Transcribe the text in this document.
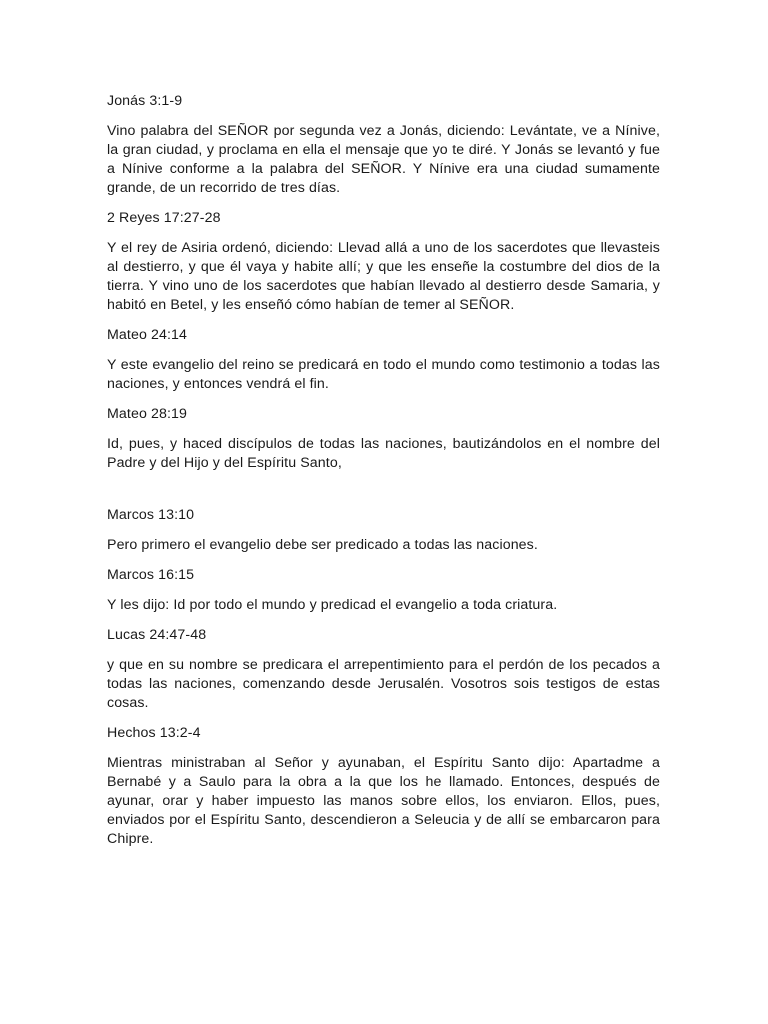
Jonás 3:1-9

Vino palabra del SEÑOR por segunda vez a Jonás, diciendo: Levántate, ve a Nínive, la gran ciudad, y proclama en ella el mensaje que yo te diré. Y Jonás se levantó y fue a Nínive conforme a la palabra del SEÑOR. Y Nínive era una ciudad sumamente grande, de un recorrido de tres días.

2 Reyes 17:27-28

Y el rey de Asiria ordenó, diciendo: Llevad allá a uno de los sacerdotes que llevasteis al destierro, y que él vaya y habite allí; y que les enseñe la costumbre del dios de la tierra. Y vino uno de los sacerdotes que habían llevado al destierro desde Samaria, y habitó en Betel, y les enseñó cómo habían de temer al SEÑOR.

Mateo 24:14

Y este evangelio del reino se predicará en todo el mundo como testimonio a todas las naciones, y entonces vendrá el fin.

Mateo 28:19

Id, pues, y haced discípulos de todas las naciones, bautizándolos en el nombre del Padre y del Hijo y del Espíritu Santo,

Marcos 13:10

Pero primero el evangelio debe ser predicado a todas las naciones.

Marcos 16:15

Y les dijo: Id por todo el mundo y predicad el evangelio a toda criatura.

Lucas 24:47-48

y que en su nombre se predicara el arrepentimiento para el perdón de los pecados a todas las naciones, comenzando desde Jerusalén. Vosotros sois testigos de estas cosas.

Hechos 13:2-4

Mientras ministraban al Señor y ayunaban, el Espíritu Santo dijo: Apartadme a Bernabé y a Saulo para la obra a la que los he llamado. Entonces, después de ayunar, orar y haber impuesto las manos sobre ellos, los enviaron. Ellos, pues, enviados por el Espíritu Santo, descendieron a Seleucia y de allí se embarcaron para Chipre.
